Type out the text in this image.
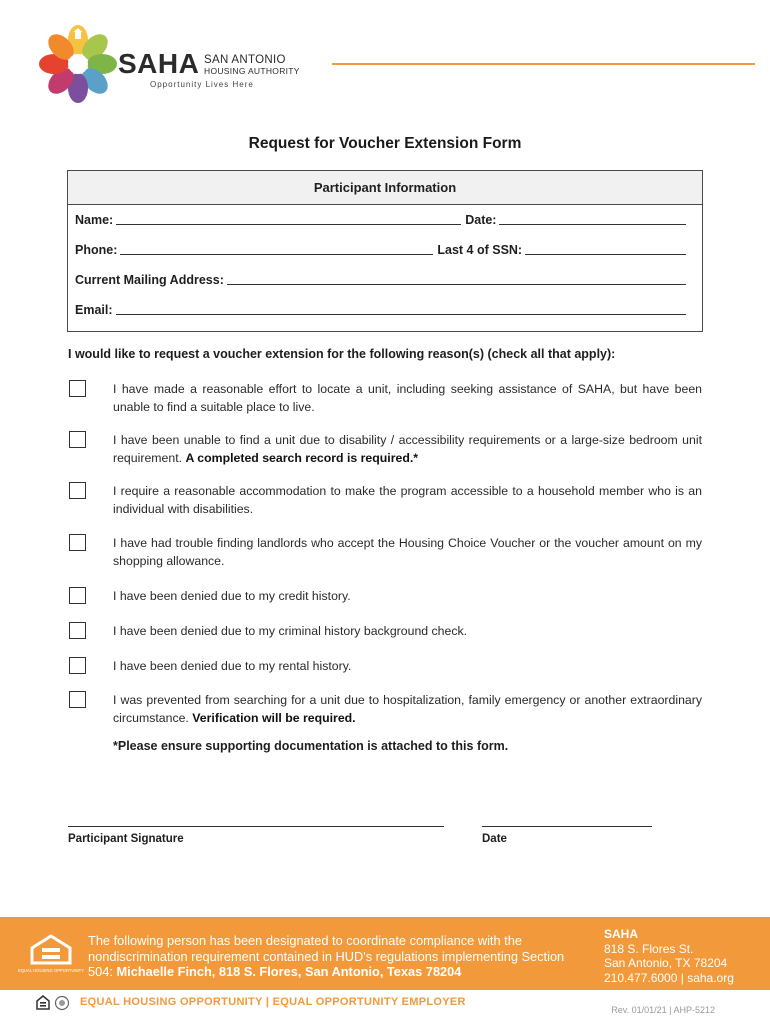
SAHA SAN ANTONIO
HOUSING AUTHORITY
Opportunity Lives Here
Request for Voucher Extension Form
Participant Information
Name:	Date:
Phone:	Last 4 of SSN:
Current Mailing Address:
Email:
I would like to request a voucher extension for the following reason(s) (check all that apply):
I have made a reasonable effort to locate a unit, including seeking assistance of SAHA, but have been unable to find a suitable place to live.
I have been unable to find a unit due to disability / accessibility requirements or a large-size bedroom unit requirement. A completed search record is required.*
I require a reasonable accommodation to make the program accessible to a household member who is an individual with disabilities.
I have had trouble finding landlords who accept the Housing Choice Voucher or the voucher amount on my shopping allowance.
I have been denied due to my credit history.
I have been denied due to my criminal history background check.
I have been denied due to my rental history.
I was prevented from searching for a unit due to hospitalization, family emergency or another extraordinary circumstance. Verification will be required.
*Please ensure supporting documentation is attached to this form.
Participant Signature	Date
EQUAL HOUSING OPPORTUNITY
The following person has been designated to coordinate compliance with the nondiscrimination requirement contained in HUD's regulations implementing Section 504: Michaelle Finch, 818 S. Flores, San Antonio, Texas 78204
SAHA
818 S. Flores St.
San Antonio, TX 78204
210.477.6000 | saha.org
EQUAL HOUSING OPPORTUNITY | EQUAL OPPORTUNITY EMPLOYER
Rev. 01/01/21 | AHP-5212
